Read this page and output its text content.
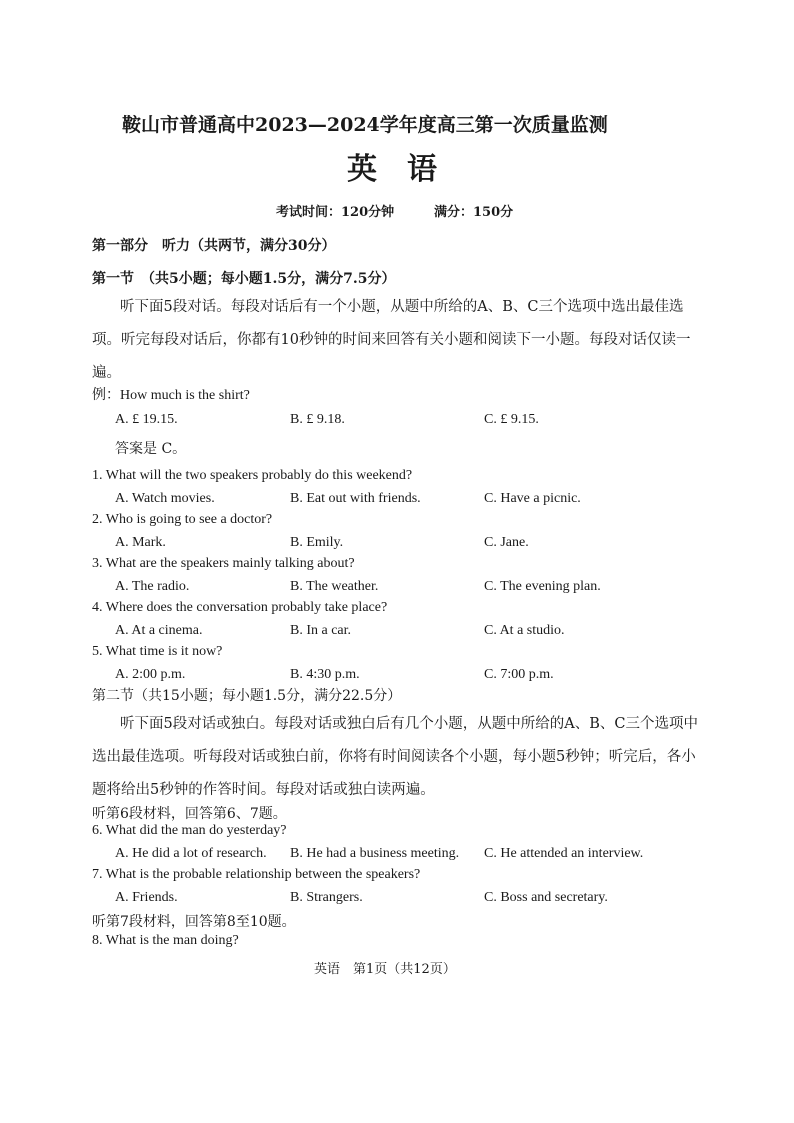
鞍山市普通高中2023—2024学年度高三第一次质量监测
英语
考试时间：120分钟	满分：150分
第一部分　听力（共两节，满分30分）
第一节　（共5小题；每小题1.5分，满分7.5分）
听下面5段对话。每段对话后有一个小题，从题中所给的A、B、C三个选项中选出最佳选项。听完每段对话后，你都有10秒钟的时间来回答有关小题和阅读下一小题。每段对话仅读一遍。
例：How much is the shirt?
A. £ 19.15.	B. £ 9.18.	C. £ 9.15.
答案是 C。
1. What will the two speakers probably do this weekend?
A. Watch movies.	B. Eat out with friends.	C. Have a picnic.
2. Who is going to see a doctor?
A. Mark.	B. Emily.	C. Jane.
3. What are the speakers mainly talking about?
A. The radio.	B. The weather.	C. The evening plan.
4. Where does the conversation probably take place?
A. At a cinema.	B. In a car.	C. At a studio.
5. What time is it now?
A. 2:00 p.m.	B. 4:30 p.m.	C. 7:00 p.m.
第二节（共15小题；每小题1.5分，满分22.5分）
听下面5段对话或独白。每段对话或独白后有几个小题，从题中所给的A、B、C三个选项中选出最佳选项。听每段对话或独白前，你将有时间阅读各个小题，每小题5秒钟；听完后，各小题将给出5秒钟的作答时间。每段对话或独白读两遍。
听第6段材料，回答第6、7题。
6. What did the man do yesterday?
A. He did a lot of research. B. He had a business meeting. C. He attended an interview.
7. What is the probable relationship between the speakers?
A. Friends.	B. Strangers.	C. Boss and secretary.
听第7段材料，回答第8至10题。
8. What is the man doing?
英语　第1页（共12页）
